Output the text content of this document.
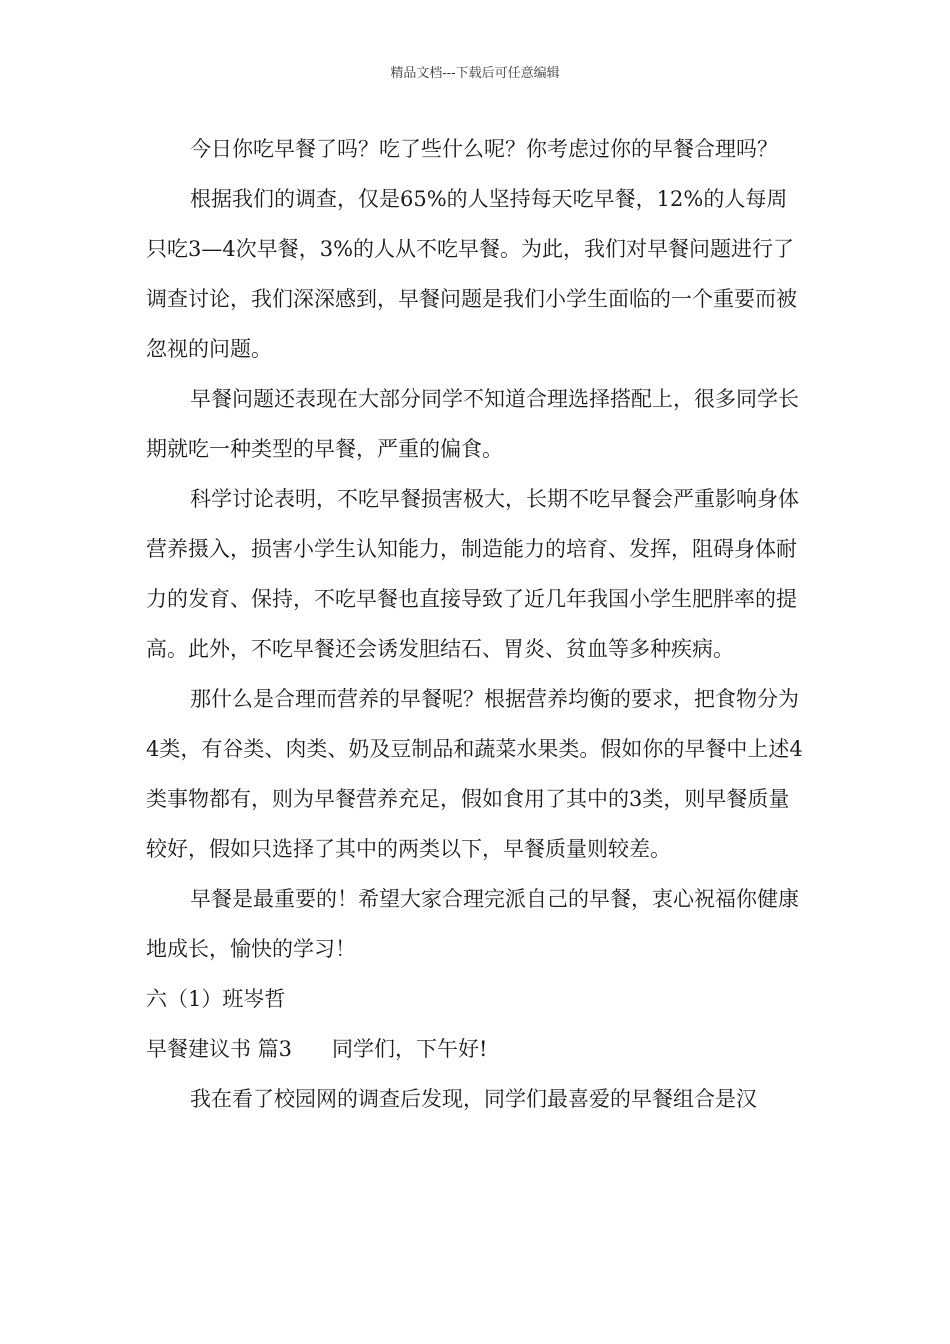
精品文档---下载后可任意编辑

今日你吃早餐了吗？吃了些什么呢？你考虑过你的早餐合理吗？

根据我们的调查，仅是65%的人坚持每天吃早餐，12%的人每周只吃3—4次早餐，3%的人从不吃早餐。为此，我们对早餐问题进行了调查讨论，我们深深感到，早餐问题是我们小学生面临的一个重要而被忽视的问题。

早餐问题还表现在大部分同学不知道合理选择搭配上，很多同学长期就吃一种类型的早餐，严重的偏食。

科学讨论表明，不吃早餐损害极大，长期不吃早餐会严重影响身体营养摄入，损害小学生认知能力，制造能力的培育、发挥，阻碍身体耐力的发育、保持，不吃早餐也直接导致了近几年我国小学生肥胖率的提高。此外，不吃早餐还会诱发胆结石、胃炎、贫血等多种疾病。

那什么是合理而营养的早餐呢？根据营养均衡的要求，把食物分为4类，有谷类、肉类、奶及豆制品和蔬菜水果类。假如你的早餐中上述4类事物都有，则为早餐营养充足，假如食用了其中的3类，则早餐质量较好，假如只选择了其中的两类以下，早餐质量则较差。

早餐是最重要的！希望大家合理完派自己的早餐，衷心祝福你健康地成长，愉快的学习！

六（1）班岑哲

早餐建议书 篇3 同学们，下午好!

我在看了校园网的调查后发现，同学们最喜爱的早餐组合是汉
